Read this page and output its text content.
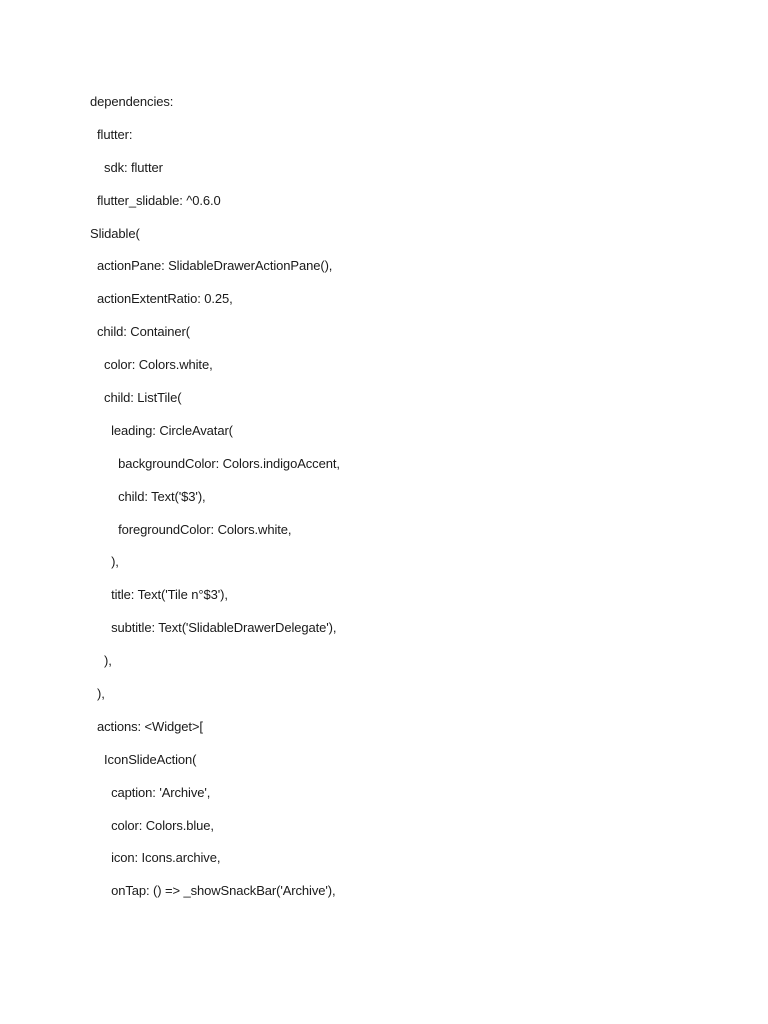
dependencies:
flutter:
sdk: flutter
flutter_slidable: ^0.6.0
Slidable(
actionPane: SlidableDrawerActionPane(),
actionExtentRatio: 0.25,
child: Container(
color: Colors.white,
child: ListTile(
leading: CircleAvatar(
backgroundColor: Colors.indigoAccent,
child: Text('$3'),
foregroundColor: Colors.white,
),
title: Text('Tile n°$3'),
subtitle: Text('SlidableDrawerDelegate'),
),
),
actions: <Widget>[
IconSlideAction(
caption: 'Archive',
color: Colors.blue,
icon: Icons.archive,
onTap: () => _showSnackBar('Archive'),
